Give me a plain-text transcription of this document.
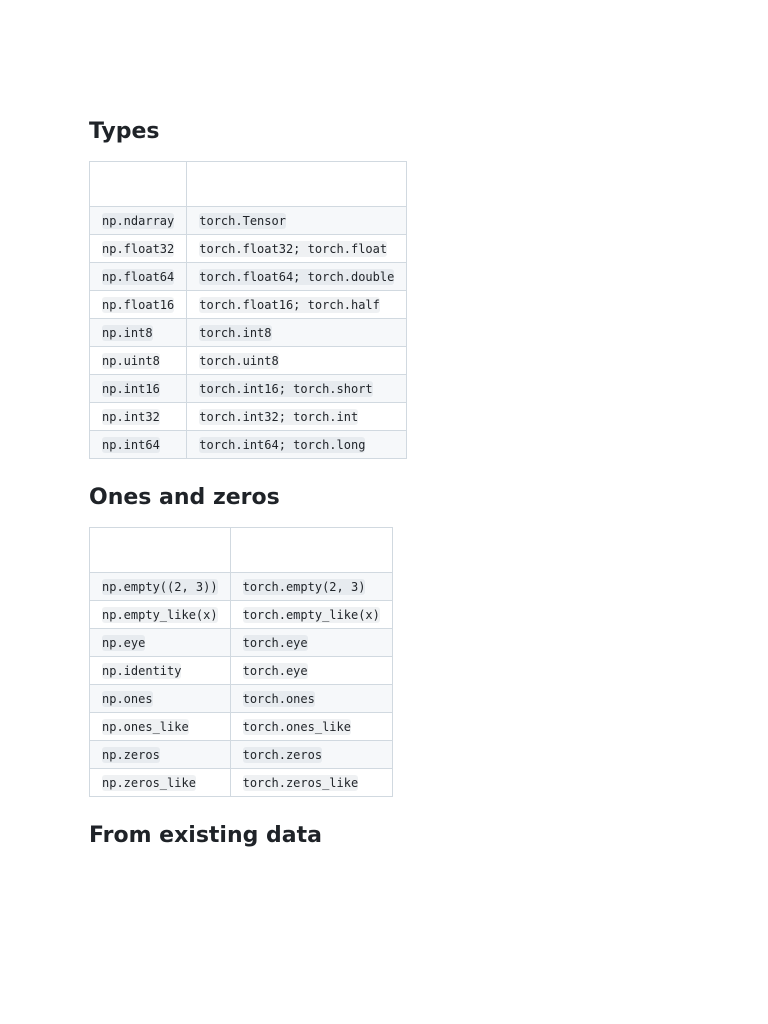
Types

np.ndarray	torch.Tensor
np.float32	torch.float32; torch.float
np.float64	torch.float64; torch.double
np.float16	torch.float16; torch.half
np.int8	torch.int8
np.uint8	torch.uint8
np.int16	torch.int16; torch.short
np.int32	torch.int32; torch.int
np.int64	torch.int64; torch.long
Ones and zeros

np.empty((2, 3))	torch.empty(2, 3)
np.empty_like(x)	torch.empty_like(x)
np.eye	torch.eye
np.identity	torch.eye
np.ones	torch.ones
np.ones_like	torch.ones_like
np.zeros	torch.zeros
np.zeros_like	torch.zeros_like
From existing data
